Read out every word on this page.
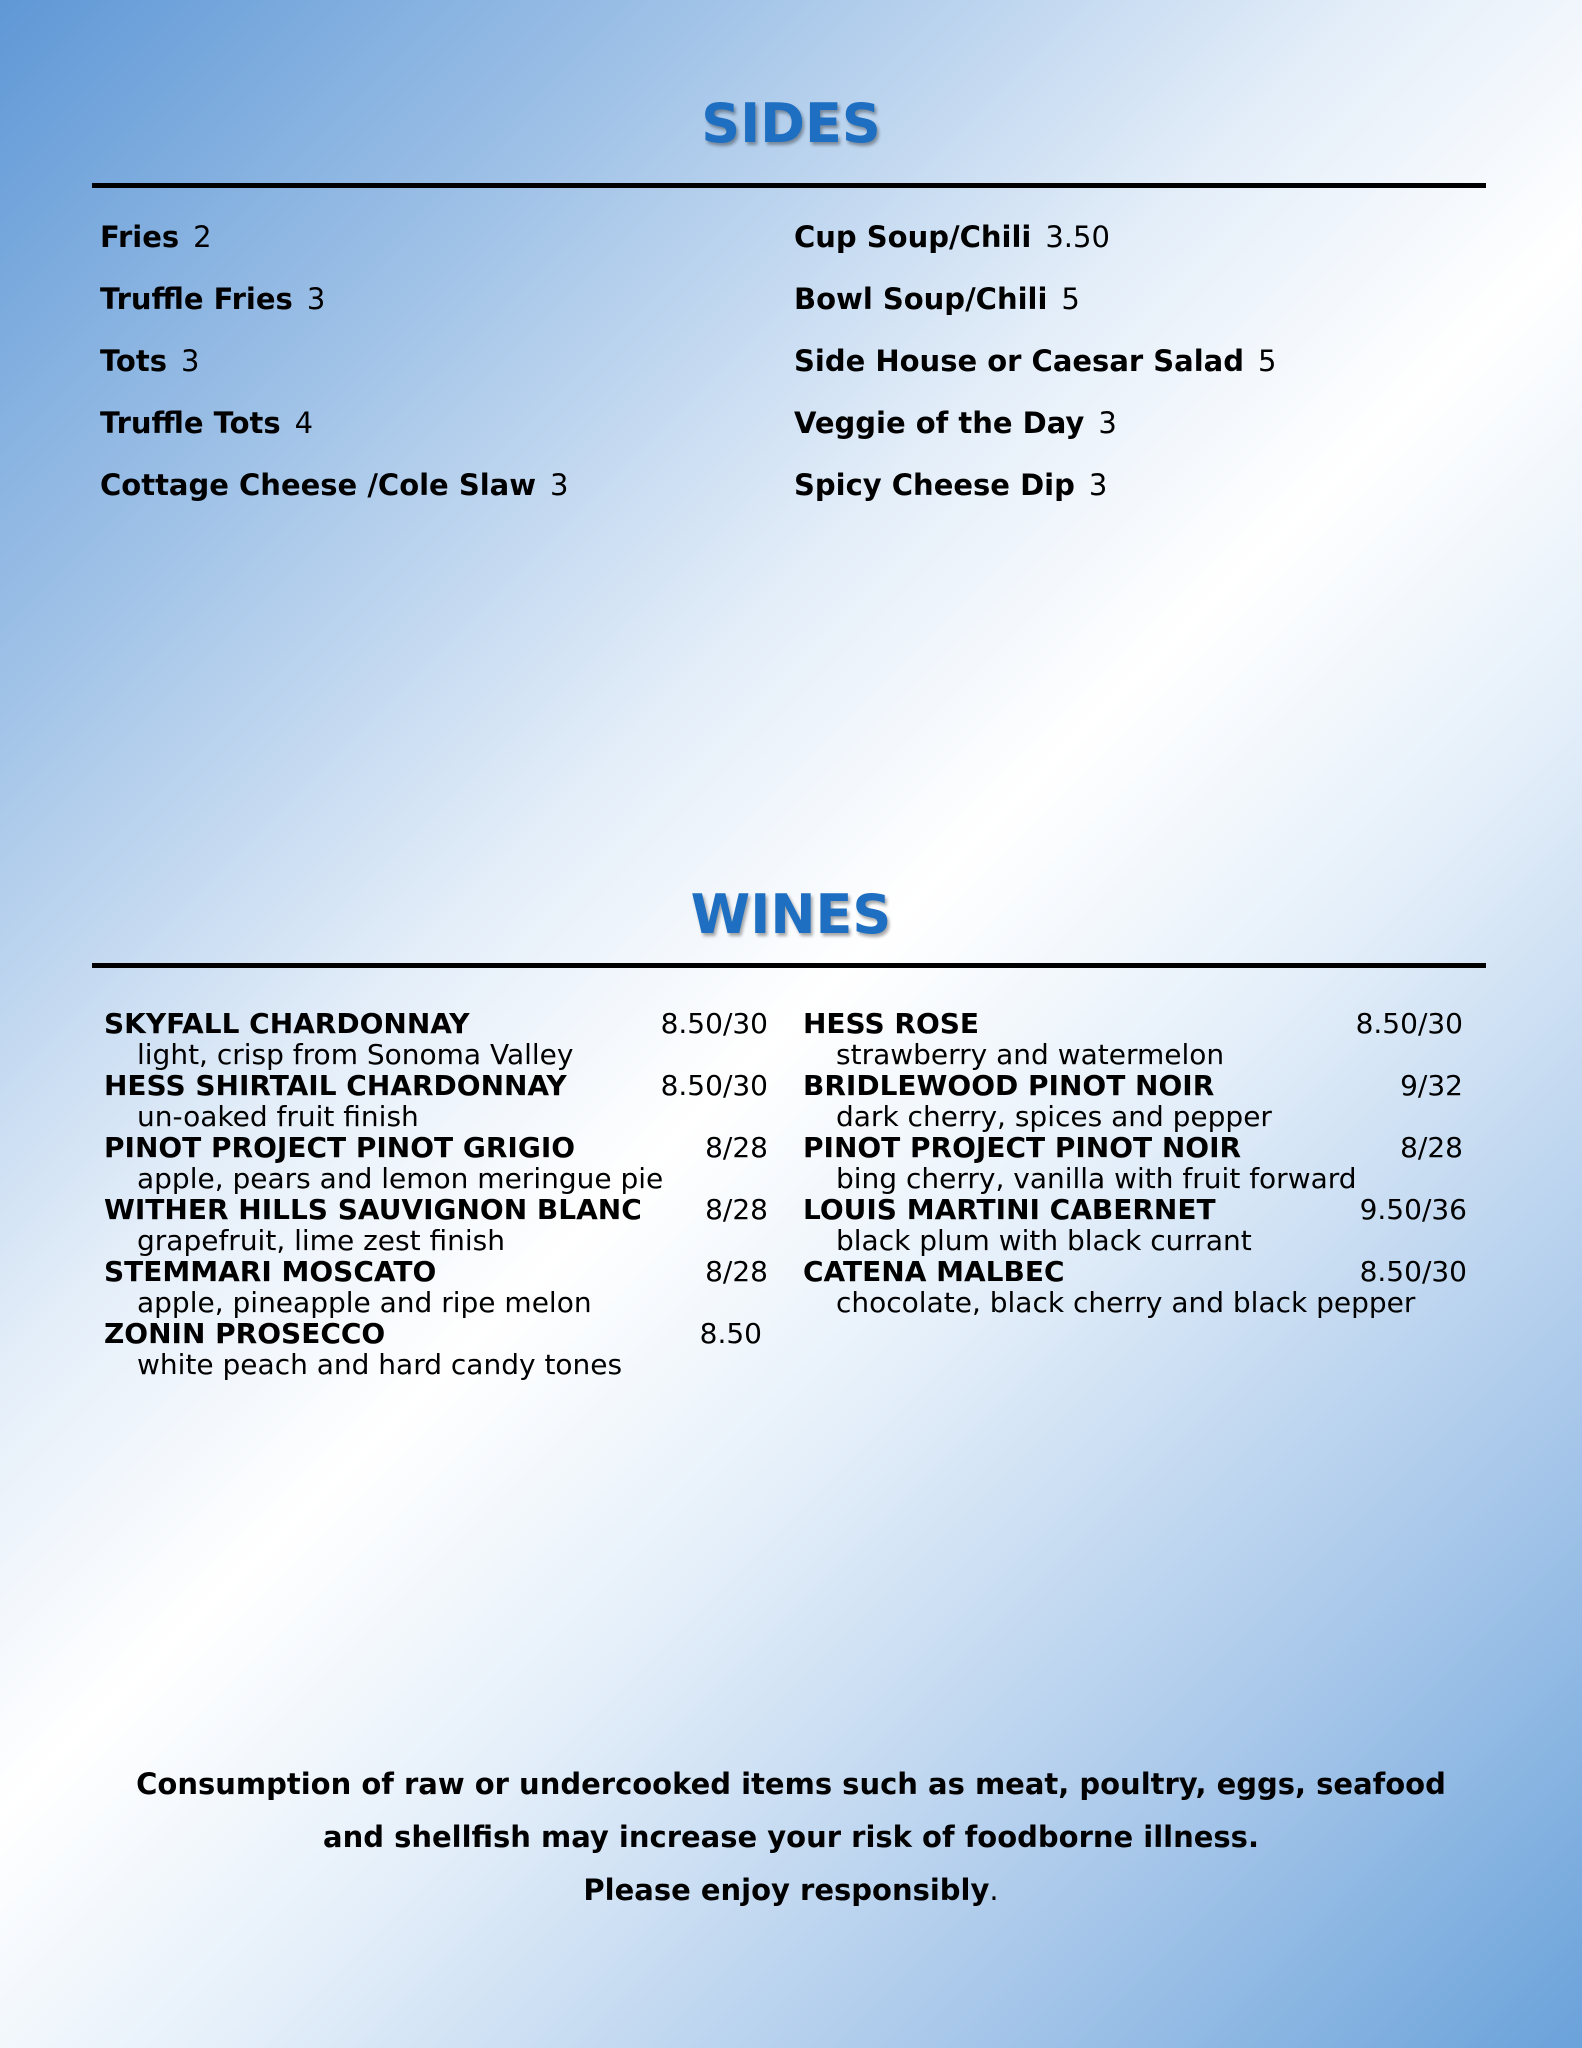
SIDES
Fries 2
Truffle Fries 3
Tots 3
Truffle Tots 4
Cottage Cheese /Cole Slaw 3
Cup Soup/Chili 3.50
Bowl Soup/Chili 5
Side House or Caesar Salad 5
Veggie of the Day 3
Spicy Cheese Dip 3
WINES
SKYFALL CHARDONNAY	8.50/30
light, crisp from Sonoma Valley
HESS SHIRTAIL CHARDONNAY	8.50/30
un-oaked fruit finish
PINOT PROJECT PINOT GRIGIO	8/28
apple, pears and lemon meringue pie
WITHER HILLS SAUVIGNON BLANC 8/28
grapefruit, lime zest finish
STEMMARI MOSCATO	8/28
apple, pineapple and ripe melon
ZONIN PROSECCO	8.50
white peach and hard candy tones
HESS ROSE	8.50/30
strawberry and watermelon
BRIDLEWOOD PINOT NOIR	9/32
dark cherry, spices and pepper
PINOT PROJECT PINOT NOIR	8/28
bing cherry, vanilla with fruit forward
LOUIS MARTINI CABERNET	9.50/36
black plum with black currant
CATENA MALBEC	8.50/30
chocolate, black cherry and black pepper
Consumption of raw or undercooked items such as meat, poultry, eggs, seafood
and shellfish may increase your risk of foodborne illness.
Please enjoy responsibly.
